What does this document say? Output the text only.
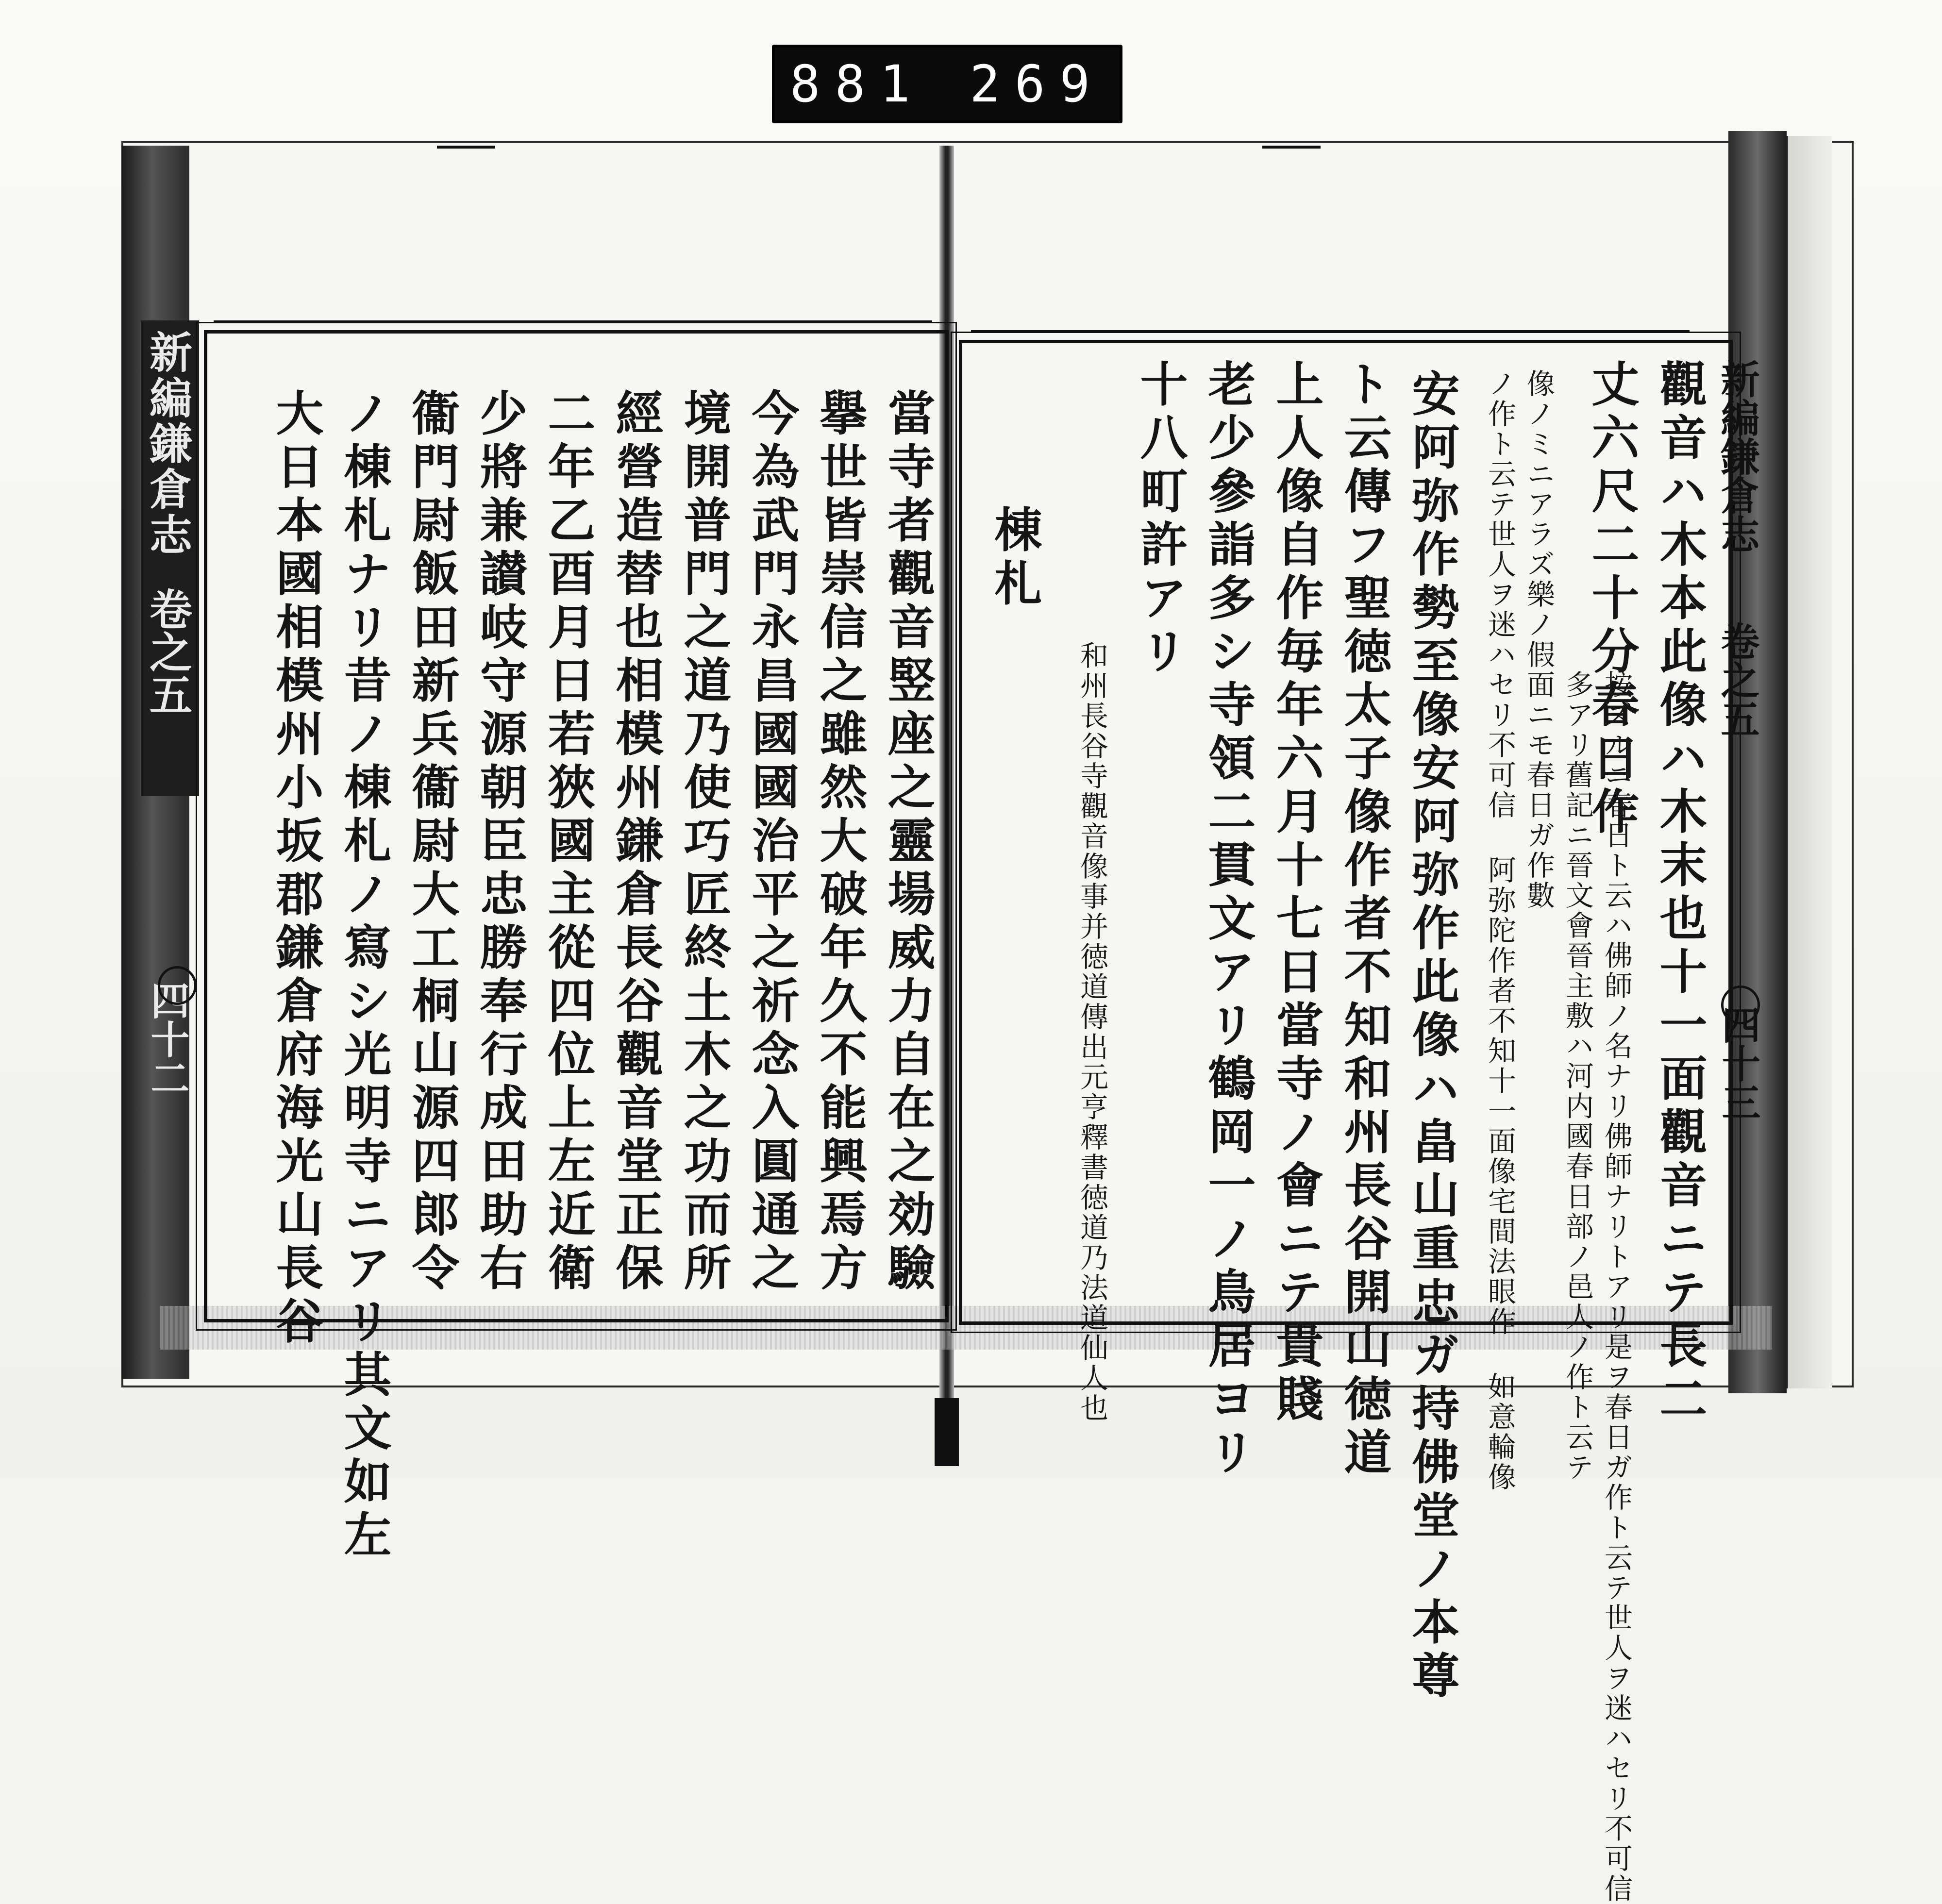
881 269
新編鎌倉志
卷之五
四十二
新編鎌倉志
卷之五
四十三
當寺者觀音竪座之靈場威力自在之効驗
擧世皆崇信之雖然大破年久不能興焉方
今為武門永昌國國治平之祈念入圓通之
境開普門之道乃使巧匠終土木之功而所
經營造替也相模州鎌倉長谷觀音堂正保
二年乙酉月日若狹國主從四位上左近衛
少將兼讃岐守源朝臣忠勝奉行成田助右
衞門尉飯田新兵衞尉大工桐山源四郎令
ノ棟札ナリ昔ノ棟札ノ寫シ光明寺ニアリ其文如左
大日本國相模州小坂郡鎌倉府海光山長谷	觀音ハ木本此像ハ木末也十一面觀音ニテ長二
丈六尺二十分春日作
按ズルニ春日ト云ハ佛師ノ名ナリ佛師ナリトアリ是ヲ春日ガ作ト云テ世人ヲ迷ハセリ不可信
多アリ舊記ニ晉文會晉主敷ハ河内國春日部ノ邑人ノ作ト云テ
像ノミニアラズ樂ノ假面ニモ春日ガ作數
ノ作ト云テ世人ヲ迷ハセリ不可信 阿弥陀作者不知十一面像宅間法眼作 如意輪像
安阿弥作勢至像安阿弥作此像ハ畠山重忠ガ持佛堂ノ本尊
ト云傳フ聖徳太子像作者不知和州長谷開山徳道
上人像自作毎年六月十七日當寺ノ會ニテ貴賤
老少參詣多シ寺領二貫文アリ鶴岡一ノ鳥居ヨリ
十八町許アリ
和州長谷寺觀音像事并徳道傳出元亨釋書徳道乃法道仙人也
棟札
